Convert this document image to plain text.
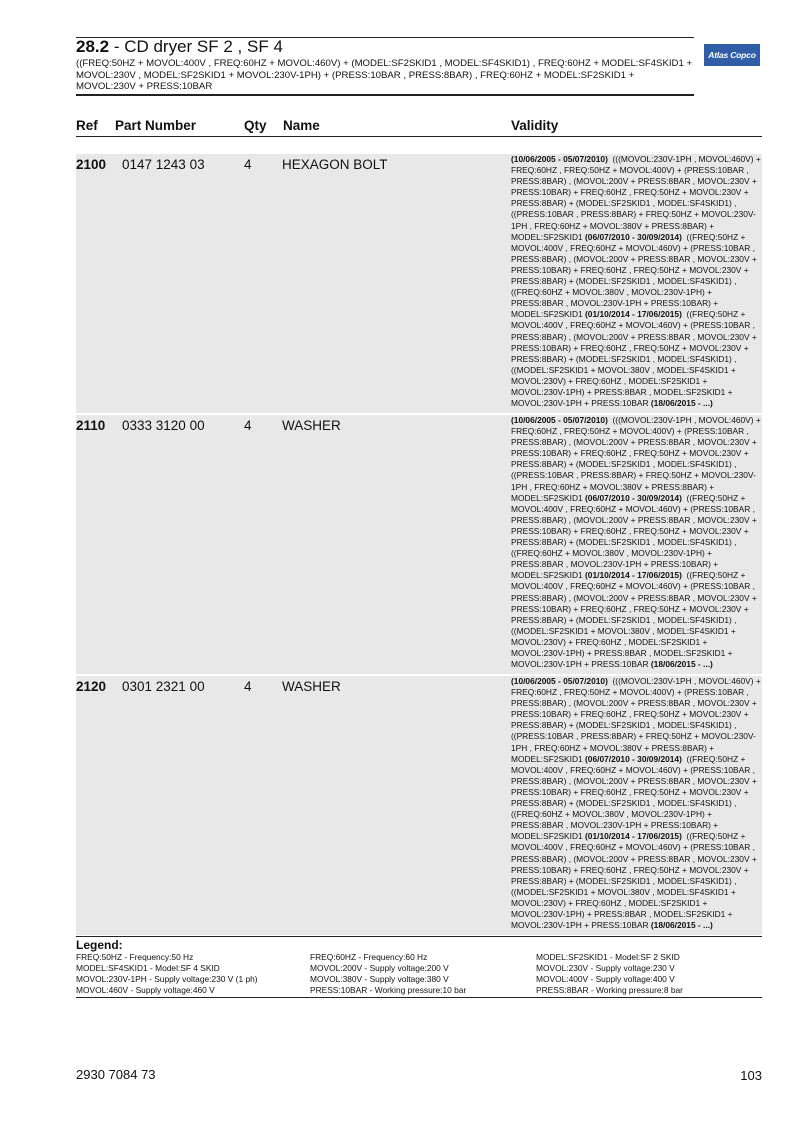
28.2 - CD dryer SF 2 , SF 4
((FREQ:50HZ + MOVOL:400V , FREQ:60HZ + MOVOL:460V) + (MODEL:SF2SKID1 , MODEL:SF4SKID1) , FREQ:60HZ + MODEL:SF4SKID1 + MOVOL:230V , MODEL:SF2SKID1 + MOVOL:230V-1PH) + (PRESS:10BAR , PRESS:8BAR) , FREQ:60HZ + MODEL:SF2SKID1 + MOVOL:230V + PRESS:10BAR
Atlas Copco
Ref Part Number	Qty Name	Validity
2100 0147 1243 03	4 HEXAGON BOLT	(10/06/2005 - 05/07/2010) (((MOVOL:230V-1PH , MOVOL:460V) + FREQ:60HZ , FREQ:50HZ + MOVOL:400V) + (PRESS:10BAR , PRESS:8BAR) , (MOVOL:200V + PRESS:8BAR , MOVOL:230V + PRESS:10BAR) + FREQ:60HZ , FREQ:50HZ + MOVOL:230V + PRESS:8BAR) + (MODEL:SF2SKID1 , MODEL:SF4SKID1) , ((PRESS:10BAR , PRESS:8BAR) + FREQ:50HZ + MOVOL:230V-1PH , FREQ:60HZ + MOVOL:380V + PRESS:8BAR) + MODEL:SF2SKID1 (06/07/2010 - 30/09/2014) ((FREQ:50HZ + MOVOL:400V , FREQ:60HZ + MOVOL:460V) + (PRESS:10BAR , PRESS:8BAR) , (MOVOL:200V + PRESS:8BAR , MOVOL:230V + PRESS:10BAR) + FREQ:60HZ , FREQ:50HZ + MOVOL:230V + PRESS:8BAR) + (MODEL:SF2SKID1 , MODEL:SF4SKID1) , ((FREQ:60HZ + MOVOL:380V , MOVOL:230V-1PH) + PRESS:8BAR , MOVOL:230V-1PH + PRESS:10BAR) + MODEL:SF2SKID1 (01/10/2014 - 17/06/2015) ((FREQ:50HZ + MOVOL:400V , FREQ:60HZ + MOVOL:460V) + (PRESS:10BAR , PRESS:8BAR) , (MOVOL:200V + PRESS:8BAR , MOVOL:230V + PRESS:10BAR) + FREQ:60HZ , FREQ:50HZ + MOVOL:230V + PRESS:8BAR) + (MODEL:SF2SKID1 , MODEL:SF4SKID1) , ((MODEL:SF2SKID1 + MOVOL:380V , MODEL:SF4SKID1 + MOVOL:230V) + FREQ:60HZ , MODEL:SF2SKID1 + MOVOL:230V-1PH) + PRESS:8BAR , MODEL:SF2SKID1 + MOVOL:230V-1PH + PRESS:10BAR (18/06/2015 - ...)
2110 0333 3120 00	4 WASHER	(10/06/2005 - 05/07/2010) (((MOVOL:230V-1PH , MOVOL:460V) + FREQ:60HZ , FREQ:50HZ + MOVOL:400V) + (PRESS:10BAR , PRESS:8BAR) , (MOVOL:200V + PRESS:8BAR , MOVOL:230V + PRESS:10BAR) + FREQ:60HZ , FREQ:50HZ + MOVOL:230V + PRESS:8BAR) + (MODEL:SF2SKID1 , MODEL:SF4SKID1) , ((PRESS:10BAR , PRESS:8BAR) + FREQ:50HZ + MOVOL:230V-1PH , FREQ:60HZ + MOVOL:380V + PRESS:8BAR) + MODEL:SF2SKID1 (06/07/2010 - 30/09/2014) ((FREQ:50HZ + MOVOL:400V , FREQ:60HZ + MOVOL:460V) + (PRESS:10BAR , PRESS:8BAR) , (MOVOL:200V + PRESS:8BAR , MOVOL:230V + PRESS:10BAR) + FREQ:60HZ , FREQ:50HZ + MOVOL:230V + PRESS:8BAR) + (MODEL:SF2SKID1 , MODEL:SF4SKID1) , ((FREQ:60HZ + MOVOL:380V , MOVOL:230V-1PH) + PRESS:8BAR , MOVOL:230V-1PH + PRESS:10BAR) + MODEL:SF2SKID1 (01/10/2014 - 17/06/2015) ((FREQ:50HZ + MOVOL:400V , FREQ:60HZ + MOVOL:460V) + (PRESS:10BAR , PRESS:8BAR) , (MOVOL:200V + PRESS:8BAR , MOVOL:230V + PRESS:10BAR) + FREQ:60HZ , FREQ:50HZ + MOVOL:230V + PRESS:8BAR) + (MODEL:SF2SKID1 , MODEL:SF4SKID1) , ((MODEL:SF2SKID1 + MOVOL:380V , MODEL:SF4SKID1 + MOVOL:230V) + FREQ:60HZ , MODEL:SF2SKID1 + MOVOL:230V-1PH) + PRESS:8BAR , MODEL:SF2SKID1 + MOVOL:230V-1PH + PRESS:10BAR (18/06/2015 - ...)
2120 0301 2321 00	4 WASHER	(10/06/2005 - 05/07/2010) (((MOVOL:230V-1PH , MOVOL:460V) + FREQ:60HZ , FREQ:50HZ + MOVOL:400V) + (PRESS:10BAR , PRESS:8BAR) , (MOVOL:200V + PRESS:8BAR , MOVOL:230V + PRESS:10BAR) + FREQ:60HZ , FREQ:50HZ + MOVOL:230V + PRESS:8BAR) + (MODEL:SF2SKID1 , MODEL:SF4SKID1) , ((PRESS:10BAR , PRESS:8BAR) + FREQ:50HZ + MOVOL:230V-1PH , FREQ:60HZ + MOVOL:380V + PRESS:8BAR) + MODEL:SF2SKID1 (06/07/2010 - 30/09/2014) ((FREQ:50HZ + MOVOL:400V , FREQ:60HZ + MOVOL:460V) + (PRESS:10BAR , PRESS:8BAR) , (MOVOL:200V + PRESS:8BAR , MOVOL:230V + PRESS:10BAR) + FREQ:60HZ , FREQ:50HZ + MOVOL:230V + PRESS:8BAR) + (MODEL:SF2SKID1 , MODEL:SF4SKID1) , ((FREQ:60HZ + MOVOL:380V , MOVOL:230V-1PH) + PRESS:8BAR , MOVOL:230V-1PH + PRESS:10BAR) + MODEL:SF2SKID1 (01/10/2014 - 17/06/2015) ((FREQ:50HZ + MOVOL:400V , FREQ:60HZ + MOVOL:460V) + (PRESS:10BAR , PRESS:8BAR) , (MOVOL:200V + PRESS:8BAR , MOVOL:230V + PRESS:10BAR) + FREQ:60HZ , FREQ:50HZ + MOVOL:230V + PRESS:8BAR) + (MODEL:SF2SKID1 , MODEL:SF4SKID1) , ((MODEL:SF2SKID1 + MOVOL:380V , MODEL:SF4SKID1 + MOVOL:230V) + FREQ:60HZ , MODEL:SF2SKID1 + MOVOL:230V-1PH) + PRESS:8BAR , MODEL:SF2SKID1 + MOVOL:230V-1PH + PRESS:10BAR (18/06/2015 - ...)
Legend:
FREQ:50HZ - Frequency:50 Hz	FREQ:60HZ - Frequency:60 Hz	MODEL:SF2SKID1 - Model:SF 2 SKID
MODEL:SF4SKID1 - Model:SF 4 SKID	MOVOL:200V - Supply voltage:200 V	MOVOL:230V - Supply voltage:230 V
MOVOL:230V-1PH - Supply voltage:230 V (1 ph)	MOVOL:380V - Supply voltage:380 V	MOVOL:400V - Supply voltage:400 V
MOVOL:460V - Supply voltage:460 V	PRESS:10BAR - Working pressure:10 bar	PRESS:8BAR - Working pressure:8 bar
2930 7084 73	103
